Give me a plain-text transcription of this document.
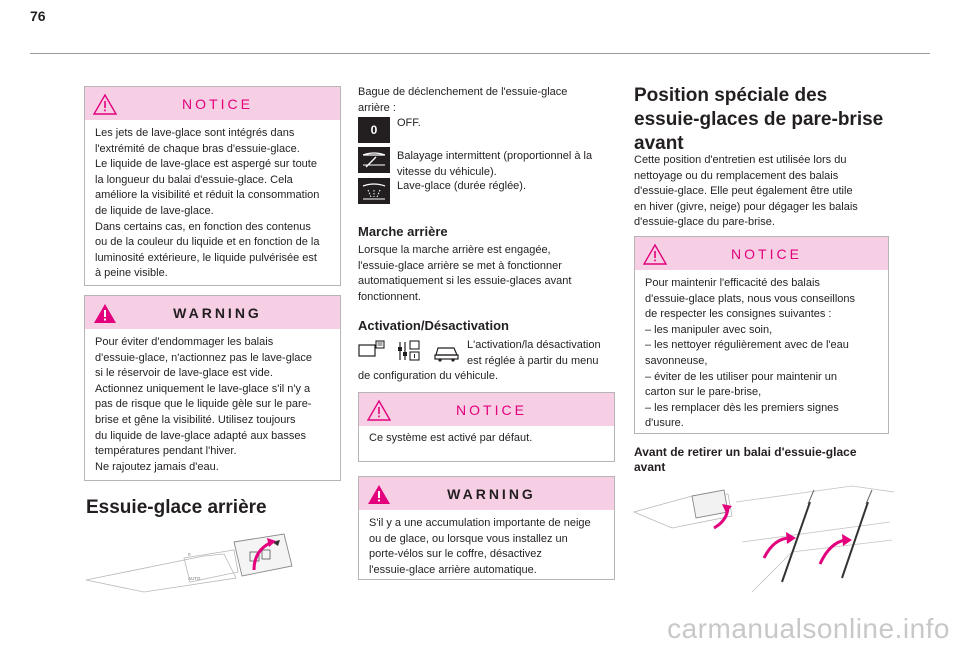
76
NOTICE

Les jets de lave-glace sont intégrés dans

l'extrémité de chaque bras d'essuie-glace.

Le liquide de lave-glace est aspergé sur toute

la longueur du balai d'essuie-glace. Cela

améliore la visibilité et réduit la consommation

de liquide de lave-glace.

Dans certains cas, en fonction des contenus

ou de la couleur du liquide et en fonction de la

luminosité extérieure, le liquide pulvérisée est

à peine visible.

WARNING

Pour éviter d'endommager les balais

d'essuie-glace, n'actionnez pas le lave-glace

si le réservoir de lave-glace est vide.

Actionnez uniquement le lave-glace s'il n'y a

pas de risque que le liquide gèle sur le pare-

brise et gêne la visibilité. Utilisez toujours

du liquide de lave-glace adapté aux basses

températures pendant l'hiver.

Ne rajoutez jamais d'eau.

Essuie-glace arrière
0
AUTO

Bague de déclenchement de l'essuie-glace

arrière :

0 OFF.

Balayage intermittent (proportionnel à la

vitesse du véhicule).

Lave-glace (durée réglée).
Marche arrière

Lorsque la marche arrière est engagée,

l'essuie-glace arrière se met à fonctionner

automatiquement si les essuie-glaces avant

fonctionnent.

Activation/Désactivation

L'activation/la désactivation

est réglée à partir du menu

de configuration du véhicule.
NOTICE

Ce système est activé par défaut.

WARNING

S'il y a une accumulation importante de neige

ou de glace, ou lorsque vous installez un

porte-vélos sur le coffre, désactivez

l'essuie-glace arrière automatique.

Position spéciale des
essuie-glaces de pare-brise
avant

Cette position d'entretien est utilisée lors du

nettoyage ou du remplacement des balais

d'essuie-glace. Elle peut également être utile

en hiver (givre, neige) pour dégager les balais

d'essuie-glace du pare-brise.

NOTICE

Pour maintenir l'efficacité des balais

d'essuie-glace plats, nous vous conseillons

de respecter les consignes suivantes :

– les manipuler avec soin,

– les nettoyer régulièrement avec de l'eau

savonneuse,

– éviter de les utiliser pour maintenir un

carton sur le pare-brise,

– les remplacer dès les premiers signes

d'usure.

Avant de retirer un balai d'essuie-glace
avant
carmanualsonline.info
